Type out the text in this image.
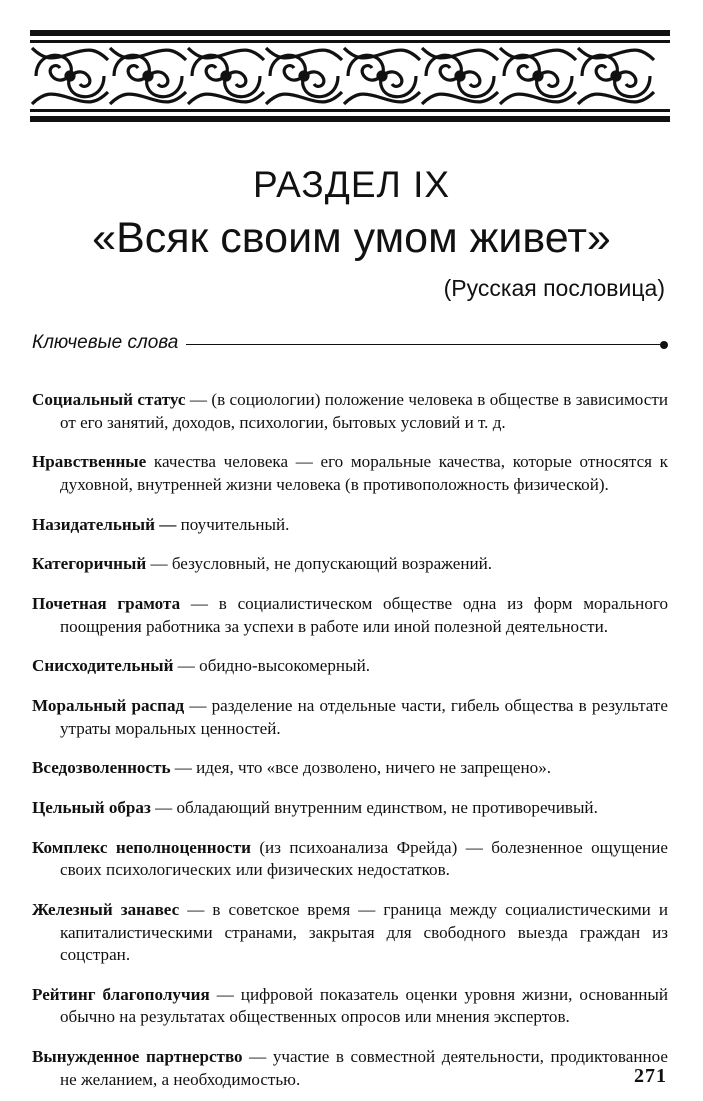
РАЗДЕЛ IX
«Всяк своим умом живет»
(Русская пословица)
Ключевые слова

Социальный статус — (в социологии) положение человека в обществе в зависимости от его занятий, доходов, психологии, бытовых условий и т. д.

Нравственные качества человека — его моральные качества, которые относятся к духовной, внутренней жизни человека (в противоположность физической).

Назидательный — поучительный.

Категоричный — безусловный, не допускающий возражений.

Почетная грамота — в социалистическом обществе одна из форм морального поощрения работника за успехи в работе или иной полезной деятельности.

Снисходительный — обидно-высокомерный.

Моральный распад — разделение на отдельные части, гибель общества в результате утраты моральных ценностей.

Вседозволенность — идея, что «все дозволено, ничего не запрещено».

Цельный образ — обладающий внутренним единством, не противоречивый.

Комплекс неполноценности (из психоанализа Фрейда) — болезненное ощущение своих психологических или физических недостатков.

Железный занавес — в советское время — граница между социалистическими и капиталистическими странами, закрытая для свободного выезда граждан из соцстран.

Рейтинг благополучия — цифровой показатель оценки уровня жизни, основанный обычно на результатах общественных опросов или мнения экспертов.

Вынужденное партнерство — участие в совместной деятельности, продиктованное не желанием, а необходимостью.	271
